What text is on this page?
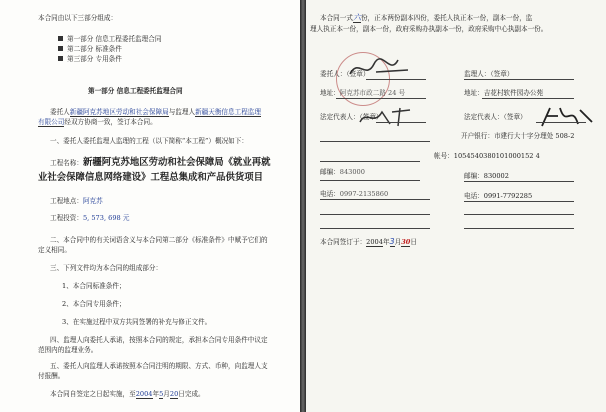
本合同由以下三部分组成：
第一部分 信息工程委托监理合同
第二部分 标准条件
第三部分 专用条件
第一部分 信息工程委托监理合同
委托人新疆阿克苏地区劳动和社会保障局与监理人新疆天衡信息工程监理
有限公司经双方协商一致，签订本合同。
一、委托人委托监理人监理的工程（以下简称“本工程”）概况如下：
工程名称：新疆阿克苏地区劳动和社会保障局《就业再就
业社会保障信息网络建设》工程总集成和产品供货项目
工程地点：阿克苏
工程投资：5, 573, 698 元
二、本合同中的有关词语含义与本合同第二部分《标准条件》中赋予它们的
定义相同。
三、下列文件均为本合同的组成部分：
1、本合同标准条件；
2、本合同专用条件；
3、在实施过程中双方共同签署的补充与修正文件。
四、监理人向委托人承诺，按照本合同的规定，承担本合同专用条件中议定
范围内的监理业务。
五、委托人向监理人承诺按照本合同注明的期限、方式、币种，向监理人支
付报酬。
本合同自签定之日起实施，至2004年5月20日完成。
本合同一式六份，正本两份副本四份，委托人执正本一份，副本一份，监
理人执正本一份，副本一份，政府采购办执副本一份，政府采购中心执副本一份。
委托人：（签章）	监理人：（签章）
地址：阿克苏市政二路 24 号	地址：吉花村软件园办公苑
法定代表人：（签章）	法定代表人：（签章）
开户银行：市建行大十字分理处 508-2
帐号：1054540380101000152 4
邮编：843000	邮编：830002
电话：0997-2135860	电话：0991-7792285
本合同签订于：2004年3月30日
